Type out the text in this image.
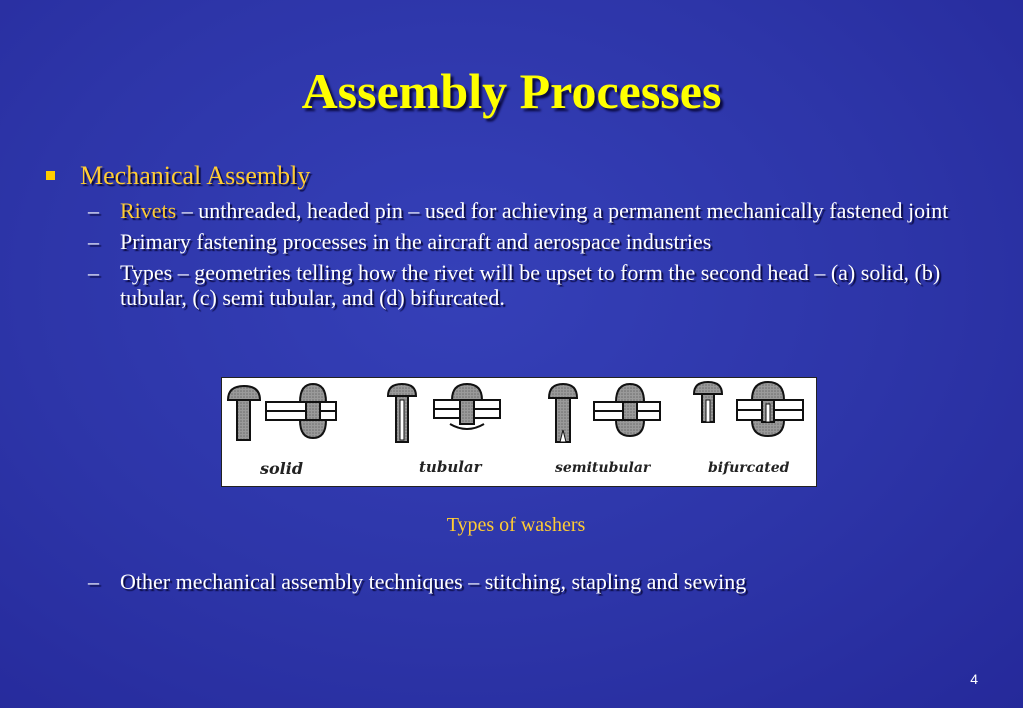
Assembly Processes
Mechanical Assembly
– Rivets – unthreaded, headed pin – used for achieving a permanent mechanically fastened joint
– Primary fastening processes in the aircraft and aerospace industries
– Types – geometries telling how the rivet will be upset to form the second head – (a) solid, (b) tubular, (c) semi tubular, and (d) bifurcated.
solid	tubular	semitubular	bifurcated
Types of washers
– Other mechanical assembly techniques – stitching, stapling and sewing
4
